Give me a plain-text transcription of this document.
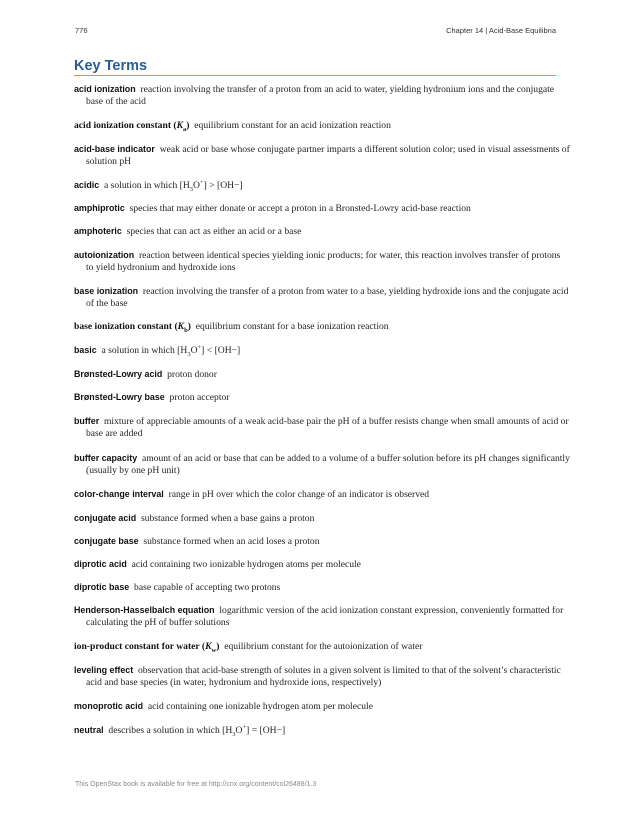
776	Chapter 14 | Acid-Base Equilibria
Key Terms

acid ionization reaction involving the transfer of a proton from an acid to water, yielding hydronium ions and the conjugate base of the acid

acid ionization constant $(K_a)$ equilibrium constant for an acid ionization reaction

acid-base indicator weak acid or base whose conjugate partner imparts a different solution color; used in visual assessments of solution pH

acidic a solution in which $[H_3O^+] > [OH-]$

amphiprotic species that may either donate or accept a proton in a Bronsted-Lowry acid-base reaction

amphoteric species that can act as either an acid or a base

autoionization reaction between identical species yielding ionic products; for water, this reaction involves transfer of protons to yield hydronium and hydroxide ions

base ionization reaction involving the transfer of a proton from water to a base, yielding hydroxide ions and the conjugate acid of the base

base ionization constant $(K_b)$ equilibrium constant for a base ionization reaction

basic a solution in which $[H_3O^+] < [OH-]$

Brønsted-Lowry acid proton donor

Brønsted-Lowry base proton acceptor

buffer mixture of appreciable amounts of a weak acid-base pair the pH of a buffer resists change when small amounts of acid or base are added

buffer capacity amount of an acid or base that can be added to a volume of a buffer solution before its pH changes significantly (usually by one pH unit)

color-change interval range in pH over which the color change of an indicator is observed

conjugate acid substance formed when a base gains a proton

conjugate base substance formed when an acid loses a proton

diprotic acid acid containing two ionizable hydrogen atoms per molecule

diprotic base base capable of accepting two protons

Henderson-Hasselbalch equation logarithmic version of the acid ionization constant expression, conveniently formatted for calculating the pH of buffer solutions

ion-product constant for water $(K_w)$ equilibrium constant for the autoionization of water

leveling effect observation that acid-base strength of solutes in a given solvent is limited to that of the solvent’s characteristic acid and base species (in water, hydronium and hydroxide ions, respectively)

monoprotic acid acid containing one ionizable hydrogen atom per molecule

neutral describes a solution in which $[H_3O^+] = [OH-]$

This OpenStax book is available for free at http://cnx.org/content/col26488/1.3
